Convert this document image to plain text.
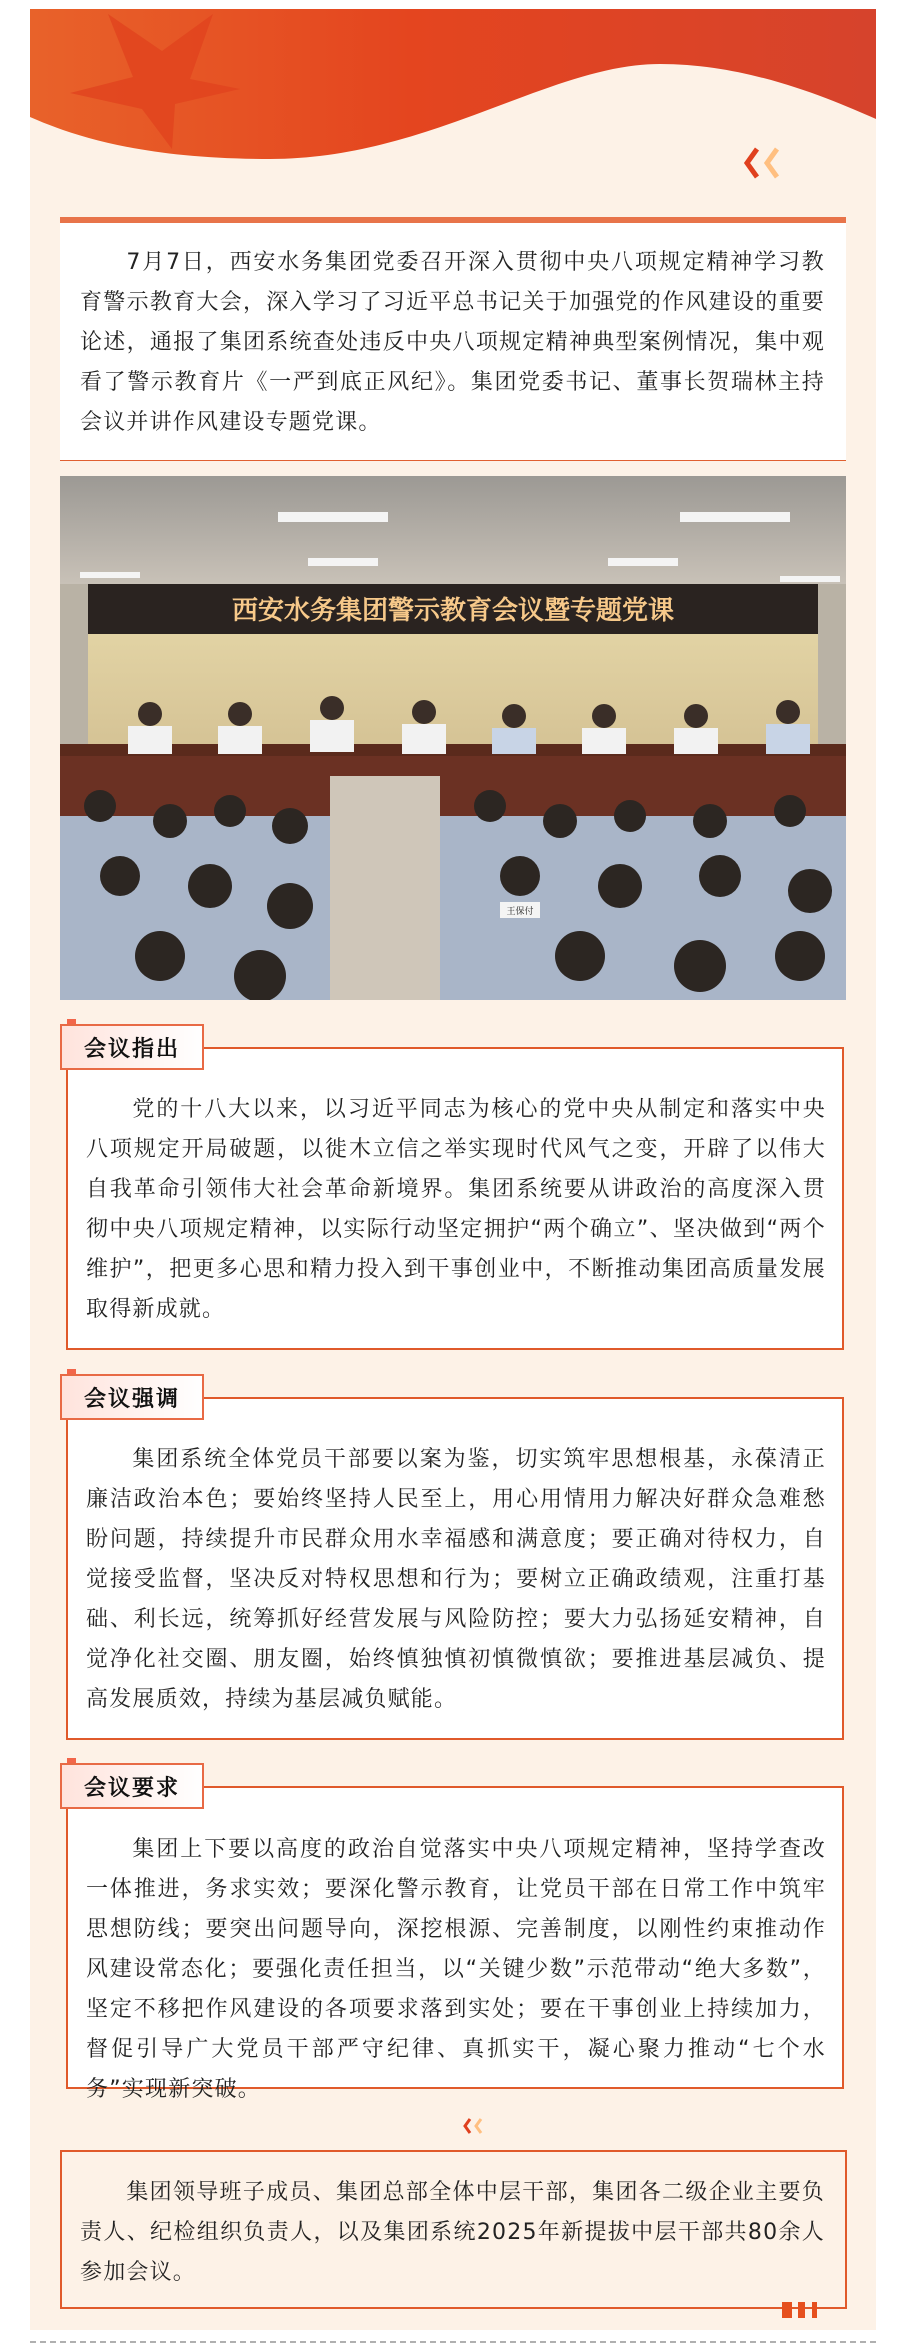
7月7日，西安水务集团党委召开深入贯彻中央八项规定精神学习教育警示教育大会，深入学习了习近平总书记关于加强党的作风建设的重要论述，通报了集团系统查处违反中央八项规定精神典型案例情况，集中观看了警示教育片《一严到底正风纪》。集团党委书记、董事长贺瑞林主持会议并讲作风建设专题党课。

西安水务集团警示教育会议暨专题党课
王保付
会议指出

党的十八大以来，以习近平同志为核心的党中央从制定和落实中央八项规定开局破题，以徙木立信之举实现时代风气之变，开辟了以伟大自我革命引领伟大社会革命新境界。集团系统要从讲政治的高度深入贯彻中央八项规定精神，以实际行动坚定拥护“两个确立”、坚决做到“两个维护”，把更多心思和精力投入到干事创业中，不断推动集团高质量发展取得新成就。

会议强调

集团系统全体党员干部要以案为鉴，切实筑牢思想根基，永葆清正廉洁政治本色；要始终坚持人民至上，用心用情用力解决好群众急难愁盼问题，持续提升市民群众用水幸福感和满意度；要正确对待权力，自觉接受监督，坚决反对特权思想和行为；要树立正确政绩观，注重打基础、利长远，统筹抓好经营发展与风险防控；要大力弘扬延安精神，自觉净化社交圈、朋友圈，始终慎独慎初慎微慎欲；要推进基层减负、提高发展质效，持续为基层减负赋能。

会议要求

集团上下要以高度的政治自觉落实中央八项规定精神，坚持学查改一体推进，务求实效；要深化警示教育，让党员干部在日常工作中筑牢思想防线；要突出问题导向，深挖根源、完善制度，以刚性约束推动作风建设常态化；要强化责任担当，以“关键少数”示范带动“绝大多数”，坚定不移把作风建设的各项要求落到实处；要在干事创业上持续加力，督促引导广大党员干部严守纪律、真抓实干，凝心聚力推动“七个水务”实现新突破。

集团领导班子成员、集团总部全体中层干部，集团各二级企业主要负责人、纪检组织负责人，以及集团系统2025年新提拔中层干部共80余人参加会议。
